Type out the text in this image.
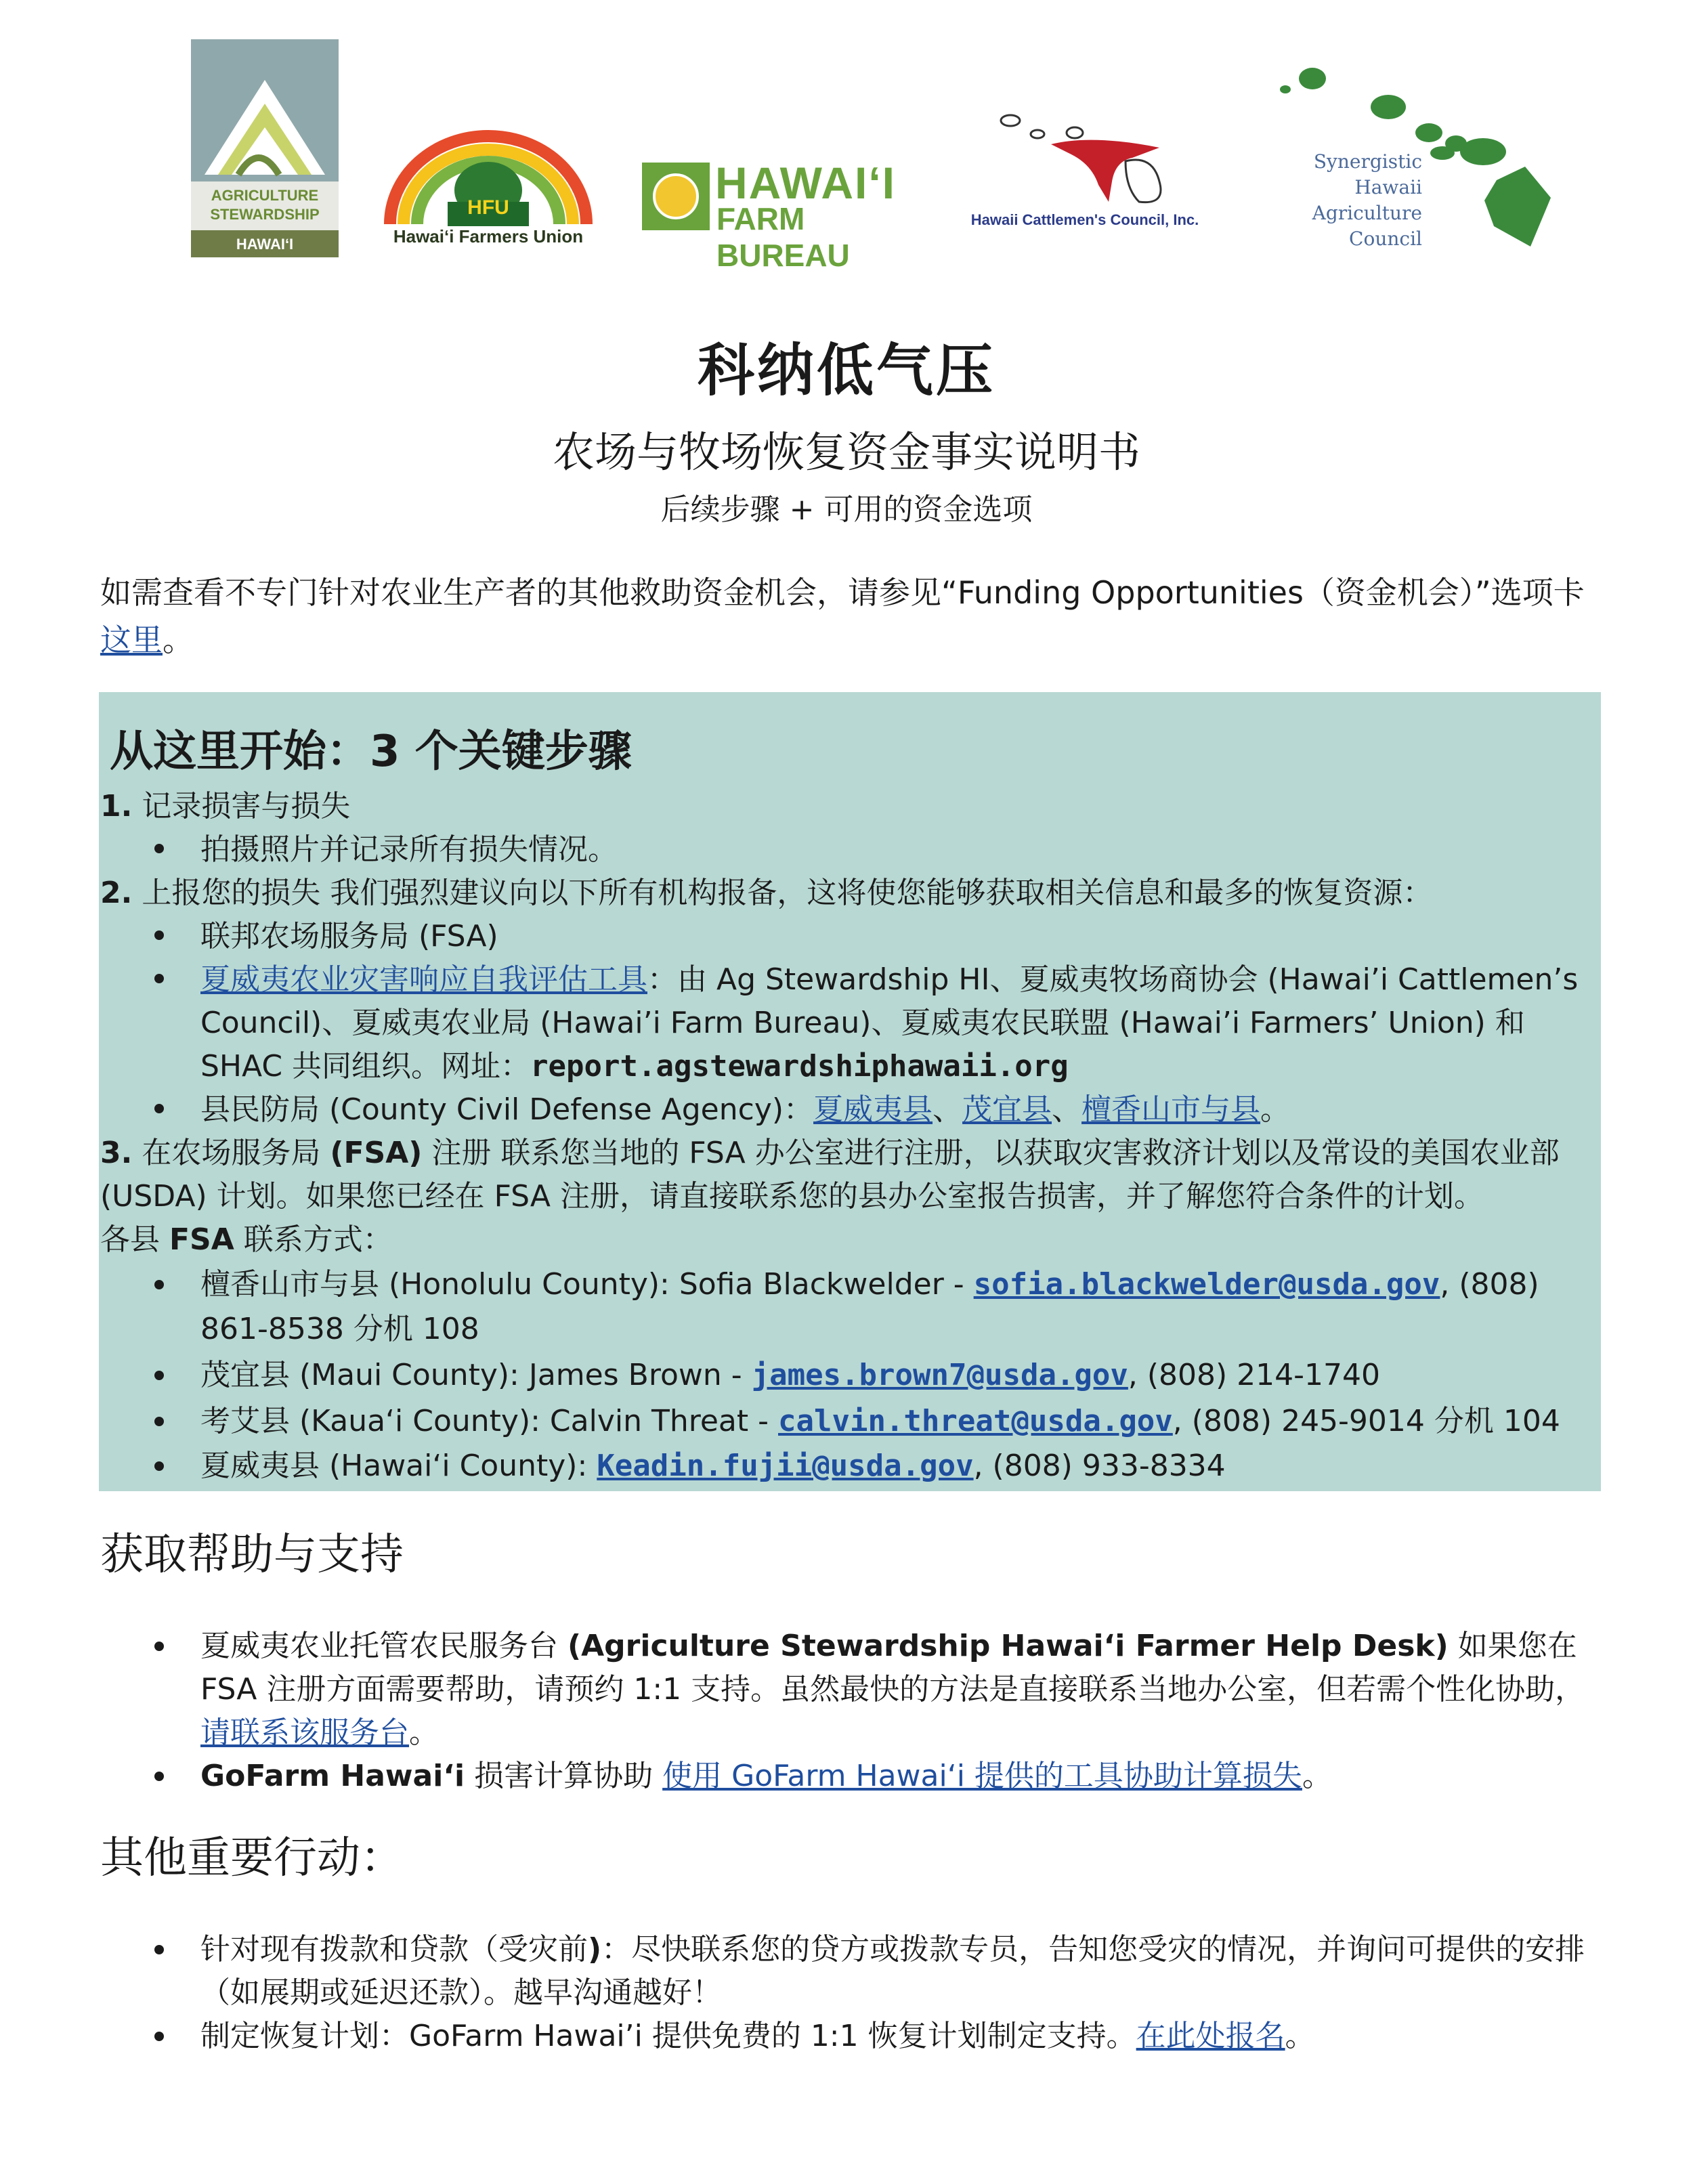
AGRICULTURE
STEWARDSHIP
HAWAIʻI
HFU
Hawaiʻi Farmers Union
HAWAIʻI
FARM BUREAU
Hawaii Cattlemen's Council, Inc.
Synergistic
Hawaii
Agriculture
Council
科纳低气压
农场与牧场恢复资金事实说明书
后续步骤 + 可用的资金选项
如需查看不专门针对农业生产者的其他救助资金机会，请参见“Funding Opportunities（资金机会）”选项卡这里。
从这里开始：3 个关键步骤
1. 记录损害与损失
拍摄照片并记录所有损失情况。
2. 上报您的损失 我们强烈建议向以下所有机构报备，这将使您能够获取相关信息和最多的恢复资源：
联邦农场服务局 (FSA)
夏威夷农业灾害响应自我评估工具：由 Ag Stewardship HI、夏威夷牧场商协会 (Hawai’i Cattlemen’s
Council)、夏威夷农业局 (Hawai’i Farm Bureau)、夏威夷农民联盟 (Hawai’i Farmers’ Union) 和
SHAC 共同组织。网址：report.agstewardshiphawaii.org
县民防局 (County Civil Defense Agency)：夏威夷县、茂宜县、檀香山市与县。
3. 在农场服务局 (FSA) 注册 联系您当地的 FSA 办公室进行注册，以获取灾害救济计划以及常设的美国农业部
(USDA) 计划。如果您已经在 FSA 注册，请直接联系您的县办公室报告损害，并了解您符合条件的计划。
各县 FSA 联系方式：
檀香山市与县 (Honolulu County): Sofia Blackwelder - sofia.blackwelder@usda.gov, (808)
861-8538 分机 108
茂宜县 (Maui County): James Brown - james.brown7@usda.gov, (808) 214-1740
考艾县 (Kaua‘i County): Calvin Threat - calvin.threat@usda.gov, (808) 245-9014 分机 104
夏威夷县 (Hawai‘i County): Keadin.fujii@usda.gov, (808) 933-8334
获取帮助与支持
夏威夷农业托管农民服务台 (Agriculture Stewardship Hawai‘i Farmer Help Desk) 如果您在
FSA 注册方面需要帮助，请预约 1:1 支持。虽然最快的方法是直接联系当地办公室，但若需个性化协助，
请联系该服务台。
GoFarm Hawai‘i 损害计算协助 使用 GoFarm Hawai‘i 提供的工具协助计算损失。
其他重要行动：
针对现有拨款和贷款（受灾前)：尽快联系您的贷方或拨款专员，告知您受灾的情况，并询问可提供的安排
（如展期或延迟还款）。越早沟通越好！
制定恢复计划：GoFarm Hawai’i 提供免费的 1:1 恢复计划制定支持。在此处报名。
